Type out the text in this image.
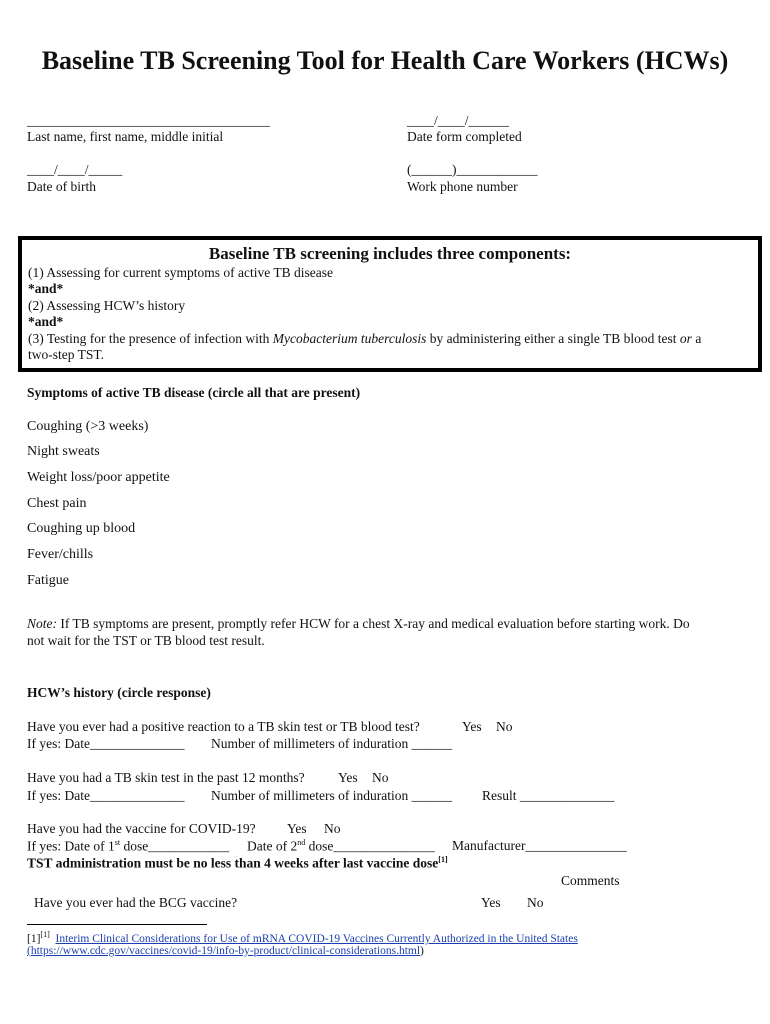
Baseline TB Screening Tool for Health Care Workers (HCWs)
____________________________________
Last name, first name, middle initial
____/____/______
Date form completed
____/____/_____
Date of birth
(______)____________
Work phone number
Baseline TB screening includes three components:
(1) Assessing for current symptoms of active TB disease
*and*
(2) Assessing HCW’s history
*and*
(3) Testing for the presence of infection with Mycobacterium tuberculosis by administering either a single TB blood test or a
two-step TST.
Symptoms of active TB disease (circle all that are present)
Coughing (>3 weeks)
Night sweats
Weight loss/poor appetite
Chest pain
Coughing up blood
Fever/chills
Fatigue
Note: If TB symptoms are present, promptly refer HCW for a chest X-ray and medical evaluation before starting work. Do
not wait for the TST or TB blood test result.
HCW’s history (circle response)
Have you ever had a positive reaction to a TB skin test or TB blood test?	Yes No
If yes: Date______________ Number of millimeters of induration ______
Have you had a TB skin test in the past 12 months? Yes No
If yes: Date______________ Number of millimeters of induration ______ Result ______________
Have you had the vaccine for COVID-19? Yes No
If yes: Date of 1st dose____________ Date of 2nd dose_______________ Manufacturer_______________
TST administration must be no less than 4 weeks after last vaccine dose[1]
Comments
Have you ever had the BCG vaccine?	Yes No
[1][1] Interim Clinical Considerations for Use of mRNA COVID-19 Vaccines Currently Authorized in the United States
(https://www.cdc.gov/vaccines/covid-19/info-by-product/clinical-considerations.html)
